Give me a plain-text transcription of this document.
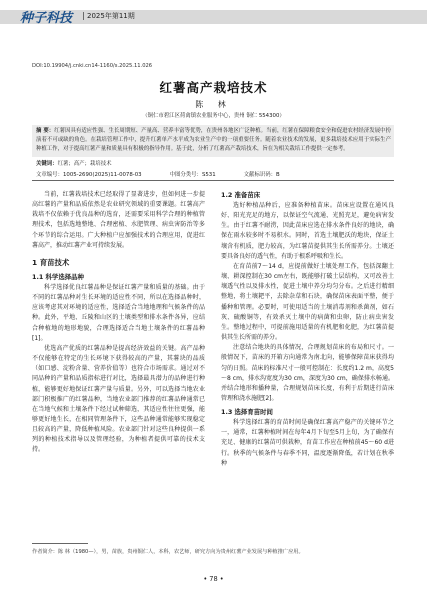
种子科技 | 2025年第11期
DOI:10.19904/j.cnki.cn14-1160/s.2025.11.026
红薯高产栽培技术
陈 林
（铜仁市碧江区荷禽镇农业服务中心，贵州 铜仁 554300）
摘 要：红薯因具有适应性强、生长周期短、产量高、营养丰富等优势，在贵州各地区广泛种植。当前，红薯在保障粮食安全和促进农村经济发展中扮演着不可或缺的角色。在栽培管理工作中，提升红薯单产水平成为农业生产中的一项重要任务。随着农业技术的发展，更多栽培技术应用于实际生产种植工作，对于提高红薯产量和质量具有积极的指导作用。基于此，分析了红薯高产栽培技术，旨在为相关栽培工作提供一定参考。
关键词：红薯；高产；栽培技术
文章编号：1005-2690(2025)11-0078-03	中图分类号：S531	文献标识码：B

当前，红薯栽培技术已经取得了显著进步，但如何进一步提高红薯的产量和品质依然是农业研究领域的重要课题。红薯高产栽培不仅依赖于优良品种的选育，还需要采用科学合理的种植管理技术，包括选地整地、合理密植、水肥管理、病虫害防治等多个环节的综合运用。广大种植户应加强技术的合理应用，促进红薯高产，推动红薯产业可持续发展。

1 育苗技术
1.1 科学选择品种

科学选择优良红薯品种是保证红薯产量和质量的基础。由于不同的红薯品种对生长环境的适应性不同，所以在选择品种时，应该考虑其对环境的适应性，选择适合当地地理和气候条件的品种。此外，平地、丘陵和山区的土壤类型和排水条件各异，应结合种植地的地形地貌，合理选择适合当地土壤条件的红薯品种[1]。

优选高产优质的红薯品种是提高经济效益的关键。高产品种不仅能够在特定的生长环境下获得较高的产量，其薯块的品质（如口感、淀粉含量、营养价值等）也符合市场需求。通过对不同品种的产量和品质指标进行对比，选择最具潜力的品种进行种植，能够更好地保证红薯产量与质量。另外，可以选择当地农业部门积极推广的红薯品种，当地农业部门推荐的红薯品种通常已在当地气候和土壤条件下经过试种筛选，其适应性往往更强，能够更好地生长，在相同管理条件下，这些品种通常能够实现稳定且较高的产量，降低种植风险。农业部门针对这些良种提供一系列的种植技术指导以及管理经验，为种植者提供可靠的技术支持。

1.2 准备苗床

选好种植品种后，应准备种植苗床。苗床应设置在通风良好、阳光充足的地方，以保证空气流通、光照充足，避免病害发生。由于红薯不耐涝，因此苗床应选在排水条件良好的地块，确保在雨水较多时不易积水。同时，首选土壤肥沃的地块，保证土壤含有机质，肥力较高，为红薯苗提供其生长所需养分。土壤还要具备良好的透气性，有助于根系呼吸和生长。

在育苗前7～14 d，应提前做好土壤处理工作，包括深翻土壤、耕深控制在30 cm左右，既能够打破土层结构，又可改善土壤透气性以及排水性，促进土壤中养分均匀分布。之后进行精细整地，将土壤耙平，去除杂草和石块，确保苗床表面平整，便于播种和管理。必要时，可使用适当的土壤消毒剂和杀菌剂，如石灰、硫酸铜等，有效杀灭土壤中的病菌和虫卵，防止病虫害发生。整地过程中，可提前施用适量的有机肥和化肥，为红薯苗提供其生长所需的养分。

注意结合地块的具体情况，合理规划苗床的布局和尺寸。一般情况下，苗床的开箱方向通常为南北向，能够保障苗床获得均匀的日照。苗床的标准尺寸一般可控制在：长度约1.2 m，高度5～8 cm，排水沟宽度为30 cm，深度为30 cm，确保排水畅通。并结合地形和播种量，合理规划苗床长度，有利于后期进行苗床管理和浇水施肥[2]。

1.3 选择育苗时间

科学选择红薯的育苗时间是确保红薯高产稳产的关键环节之一，通常，红薯种植时间在每年4月下旬至5月上旬，为了确保有充足、健康的红薯苗可供栽种，育苗工作应在种植前45～60 d进行。秋季的气候条件与春季不同，温度逐渐降低，若计划在秋季种

作者简介：陈 林（1980—），男，苗族，贵州铜仁人，本科，农艺师，研究方向为贵州红薯产业发展与种植推广应用。
• 78 •
